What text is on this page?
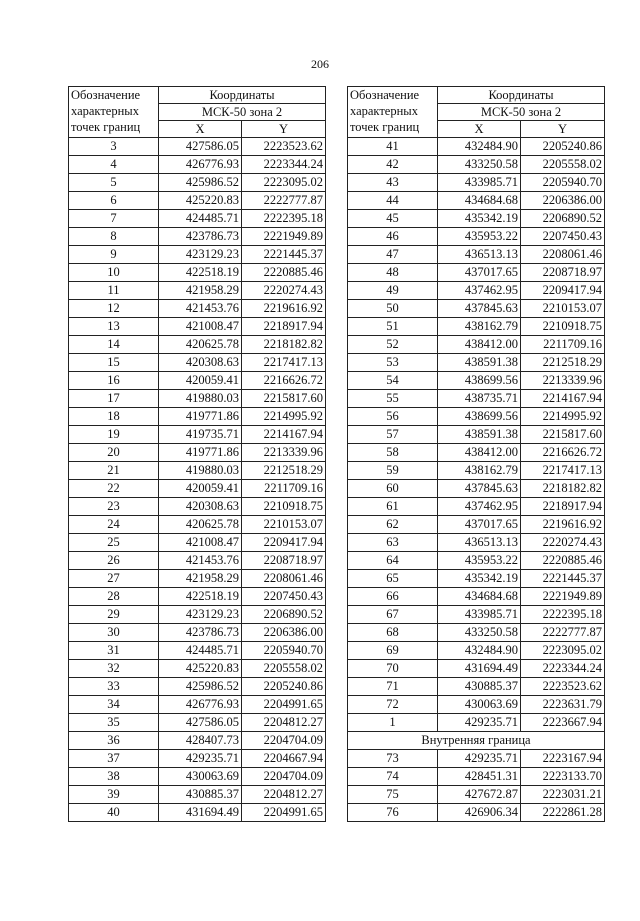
206
Обозначение
характерных
точек границ	Координаты	
	МСК-50 зона 2	
	X	Y
3	427586.05	2223523.62
4	426776.93	2223344.24
5	425986.52	2223095.02
6	425220.83	2222777.87
7	424485.71	2222395.18
8	423786.73	2221949.89
9	423129.23	2221445.37
10	422518.19	2220885.46
11	421958.29	2220274.43
12	421453.76	2219616.92
13	421008.47	2218917.94
14	420625.78	2218182.82
15	420308.63	2217417.13
16	420059.41	2216626.72
17	419880.03	2215817.60
18	419771.86	2214995.92
19	419735.71	2214167.94
20	419771.86	2213339.96
21	419880.03	2212518.29
22	420059.41	2211709.16
23	420308.63	2210918.75
24	420625.78	2210153.07
25	421008.47	2209417.94
26	421453.76	2208718.97
27	421958.29	2208061.46
28	422518.19	2207450.43
29	423129.23	2206890.52
30	423786.73	2206386.00
31	424485.71	2205940.70
32	425220.83	2205558.02
33	425986.52	2205240.86
34	426776.93	2204991.65
35	427586.05	2204812.27
36	428407.73	2204704.09
37	429235.71	2204667.94
38	430063.69	2204704.09
39	430885.37	2204812.27
40	431694.49	2204991.65
Обозначение
характерных
точек границ	Координаты	
	МСК-50 зона 2	
	X	Y
41	432484.90	2205240.86
42	433250.58	2205558.02
43	433985.71	2205940.70
44	434684.68	2206386.00
45	435342.19	2206890.52
46	435953.22	2207450.43
47	436513.13	2208061.46
48	437017.65	2208718.97
49	437462.95	2209417.94
50	437845.63	2210153.07
51	438162.79	2210918.75
52	438412.00	2211709.16
53	438591.38	2212518.29
54	438699.56	2213339.96
55	438735.71	2214167.94
56	438699.56	2214995.92
57	438591.38	2215817.60
58	438412.00	2216626.72
59	438162.79	2217417.13
60	437845.63	2218182.82
61	437462.95	2218917.94
62	437017.65	2219616.92
63	436513.13	2220274.43
64	435953.22	2220885.46
65	435342.19	2221445.37
66	434684.68	2221949.89
67	433985.71	2222395.18
68	433250.58	2222777.87
69	432484.90	2223095.02
70	431694.49	2223344.24
71	430885.37	2223523.62
72	430063.69	2223631.79
1	429235.71	2223667.94
Внутренняя граница		
73	429235.71	2223167.94
74	428451.31	2223133.70
75	427672.87	2223031.21
76	426906.34	2222861.28
